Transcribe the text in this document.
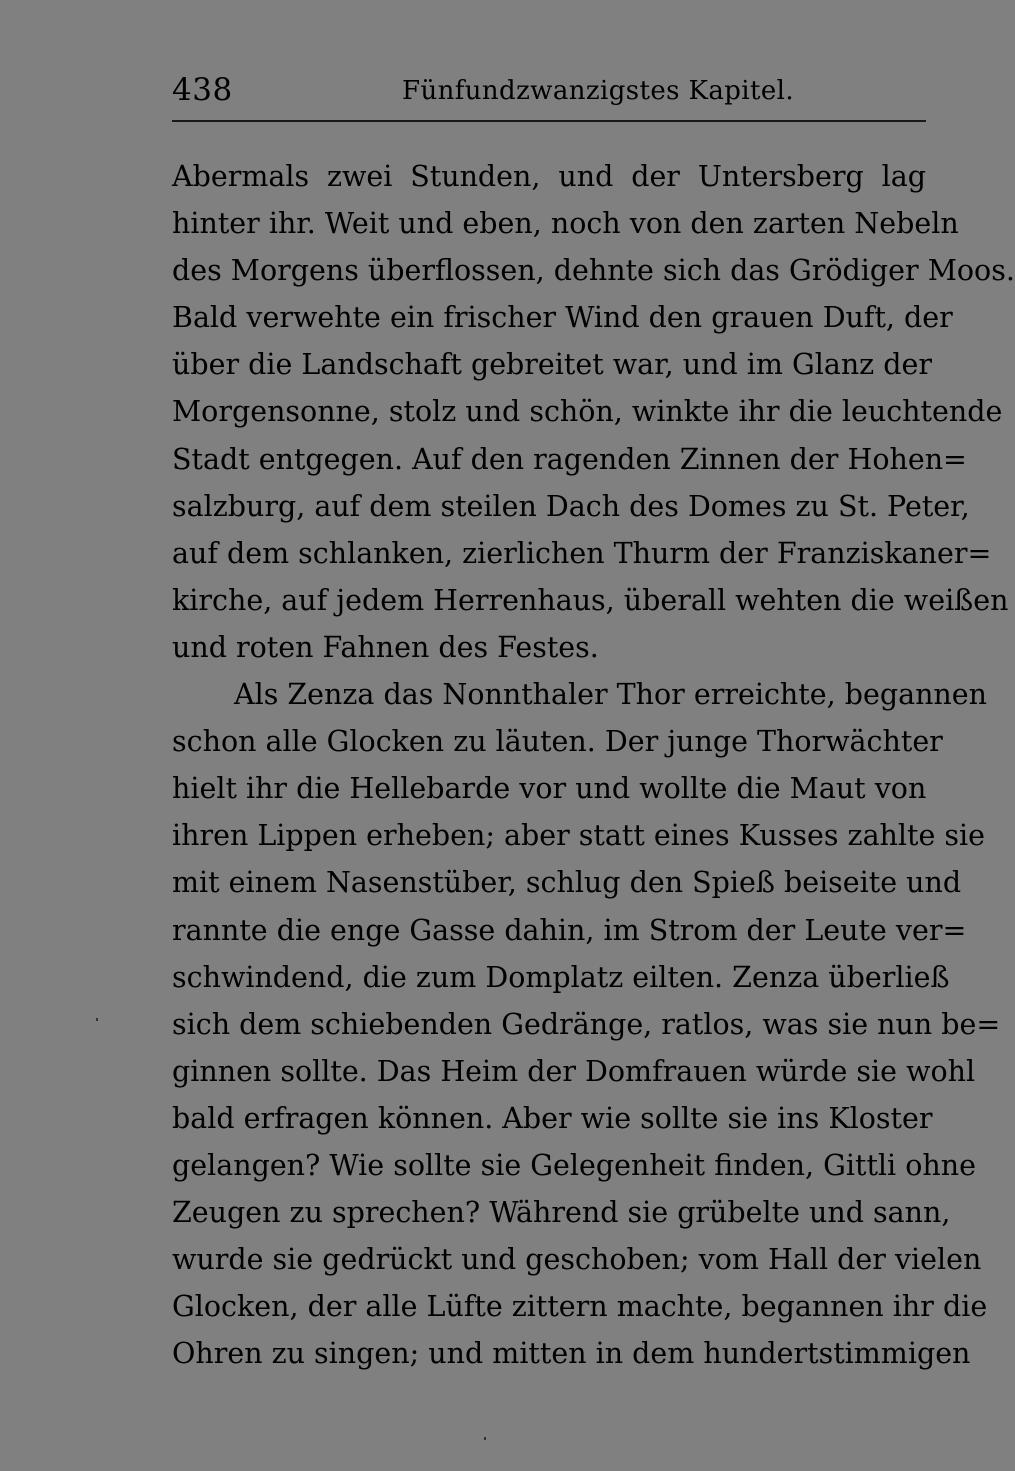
438	Fünfundzwanzigstes Kapitel.
Abermals zwei Stunden, und der Untersberg lag
hinter ihr. Weit und eben, noch von den zarten Nebeln
des Morgens überflossen, dehnte sich das Grödiger Moos.
Bald verwehte ein frischer Wind den grauen Duft, der
über die Landschaft gebreitet war, und im Glanz der
Morgensonne, stolz und schön, winkte ihr die leuchtende
Stadt entgegen. Auf den ragenden Zinnen der Hohen=
salzburg, auf dem steilen Dach des Domes zu St. Peter,
auf dem schlanken, zierlichen Thurm der Franziskaner=
kirche, auf jedem Herrenhaus, überall wehten die weißen
und roten Fahnen des Festes.
Als Zenza das Nonnthaler Thor erreichte, begannen
schon alle Glocken zu läuten. Der junge Thorwächter
hielt ihr die Hellebarde vor und wollte die Maut von
ihren Lippen erheben; aber statt eines Kusses zahlte sie
mit einem Nasenstüber, schlug den Spieß beiseite und
rannte die enge Gasse dahin, im Strom der Leute ver=
schwindend, die zum Domplatz eilten. Zenza überließ
sich dem schiebenden Gedränge, ratlos, was sie nun be=
ginnen sollte. Das Heim der Domfrauen würde sie wohl
bald erfragen können. Aber wie sollte sie ins Kloster
gelangen? Wie sollte sie Gelegenheit finden, Gittli ohne
Zeugen zu sprechen? Während sie grübelte und sann,
wurde sie gedrückt und geschoben; vom Hall der vielen
Glocken, der alle Lüfte zittern machte, begannen ihr die
Ohren zu singen; und mitten in dem hundertstimmigen
